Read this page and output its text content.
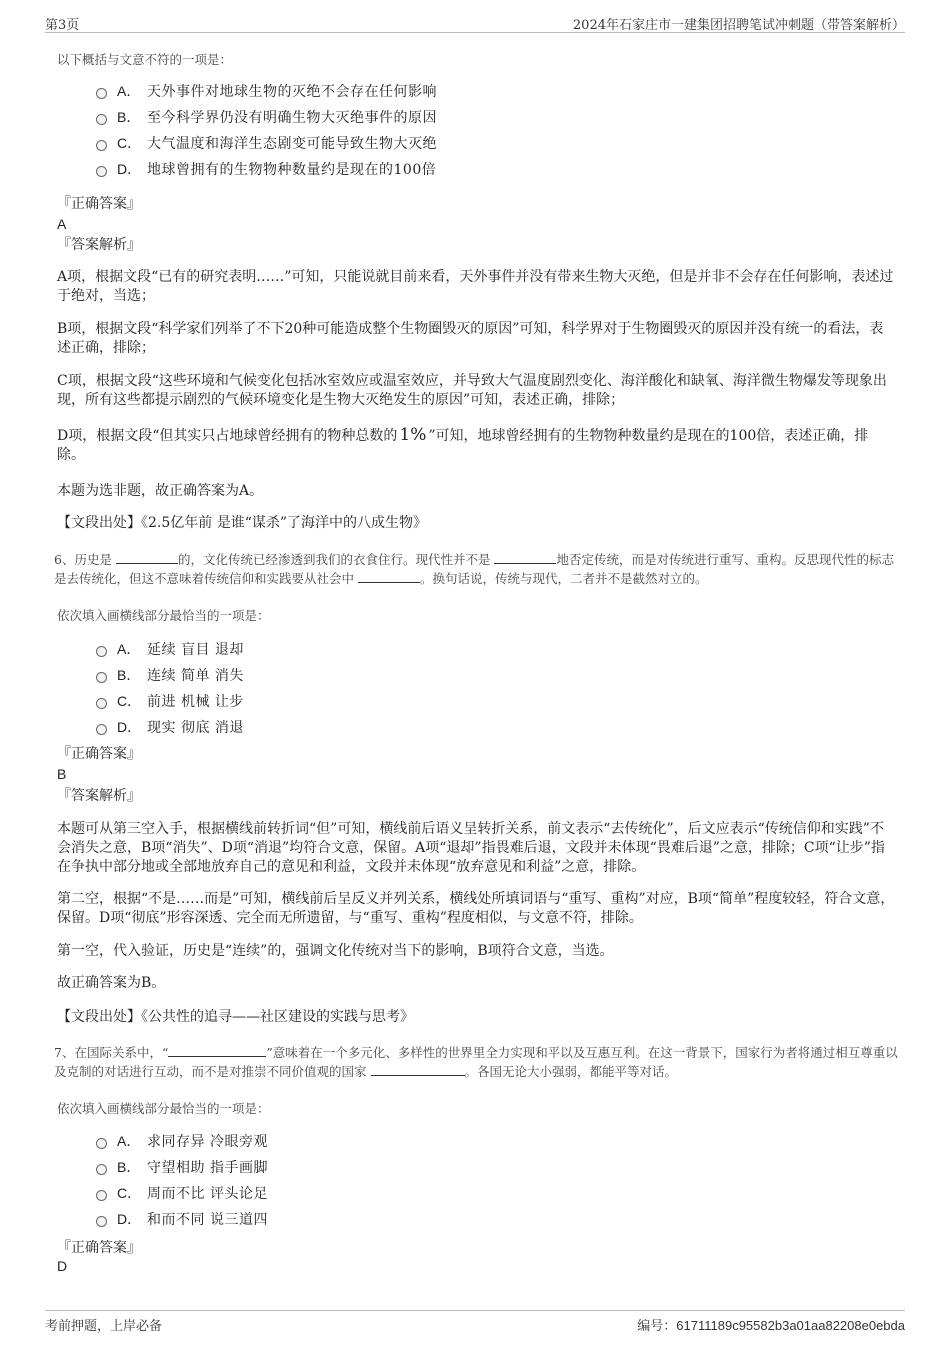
第3页	2024年石家庄市一建集团招聘笔试冲刺题（带答案解析）
以下概括与文意不符的一项是：
A． 天外事件对地球生物的灭绝不会存在任何影响
B． 至今科学界仍没有明确生物大灭绝事件的原因
C． 大气温度和海洋生态剧变可能导致生物大灭绝
D． 地球曾拥有的生物物种数量约是现在的100倍
『正确答案』
A
『答案解析』
A项，根据文段“已有的研究表明……”可知，只能说就目前来看，天外事件并没有带来生物大灭绝，但是并非不会存在任何影响，表述过于绝对，当选；
B项，根据文段“科学家们列举了不下20种可能造成整个生物圈毁灭的原因”可知，科学界对于生物圈毁灭的原因并没有统一的看法，表述正确，排除；
C项，根据文段“这些环境和气候变化包括冰室效应或温室效应，并导致大气温度剧烈变化、海洋酸化和缺氧、海洋微生物爆发等现象出现，所有这些都提示剧烈的气候环境变化是生物大灭绝发生的原因”可知，表述正确，排除；
D项，根据文段“但其实只占地球曾经拥有的物种总数的 1% ”可知，地球曾经拥有的生物物种数量约是现在的100倍，表述正确，排除。
本题为选非题，故正确答案为A。
【文段出处】《2.5亿年前 是谁“谋杀”了海洋中的八成生物》
6、历史是	的，文化传统已经渗透到我们的衣食住行。现代性并不是	地否定传统，而是对传统进行重写、重构。反思现代性的标志是去传统化，但这不意味着传统信仰和实践要从社会中	。换句话说，传统与现代，二者并不是截然对立的。
依次填入画横线部分最恰当的一项是：
A． 延续 盲目 退却
B． 连续 简单 消失
C． 前进 机械 让步
D． 现实 彻底 消退
『正确答案』
B
『答案解析』
本题可从第三空入手，根据横线前转折词“但”可知，横线前后语义呈转折关系，前文表示“去传统化”，后文应表示“传统信仰和实践”不会消失之意，B项“消失”、D项“消退”均符合文意，保留。A项“退却”指畏难后退，文段并未体现“畏难后退”之意，排除；C项“让步”指在争执中部分地或全部地放弃自己的意见和利益，文段并未体现“放弃意见和利益”之意，排除。
第二空，根据“不是……而是”可知，横线前后呈反义并列关系，横线处所填词语与“重写、重构”对应，B项“简单”程度较轻，符合文意，保留。D项“彻底”形容深透、完全而无所遗留，与“重写、重构”程度相似，与文意不符，排除。
第一空，代入验证，历史是“连续”的，强调文化传统对当下的影响，B项符合文意，当选。
故正确答案为B。
【文段出处】《公共性的追寻——社区建设的实践与思考》
7、在国际关系中，“	”意味着在一个多元化、多样性的世界里全力实现和平以及互惠互利。在这一背景下，国家行为者将通过相互尊重以及克制的对话进行互动，而不是对推崇不同价值观的国家	。各国无论大小强弱，都能平等对话。
依次填入画横线部分最恰当的一项是：
A． 求同存异 冷眼旁观
B． 守望相助 指手画脚
C． 周而不比 评头论足
D． 和而不同 说三道四
『正确答案』
D
考前押题，上岸必备	编号：61711189c95582b3a01aa82208e0ebda
